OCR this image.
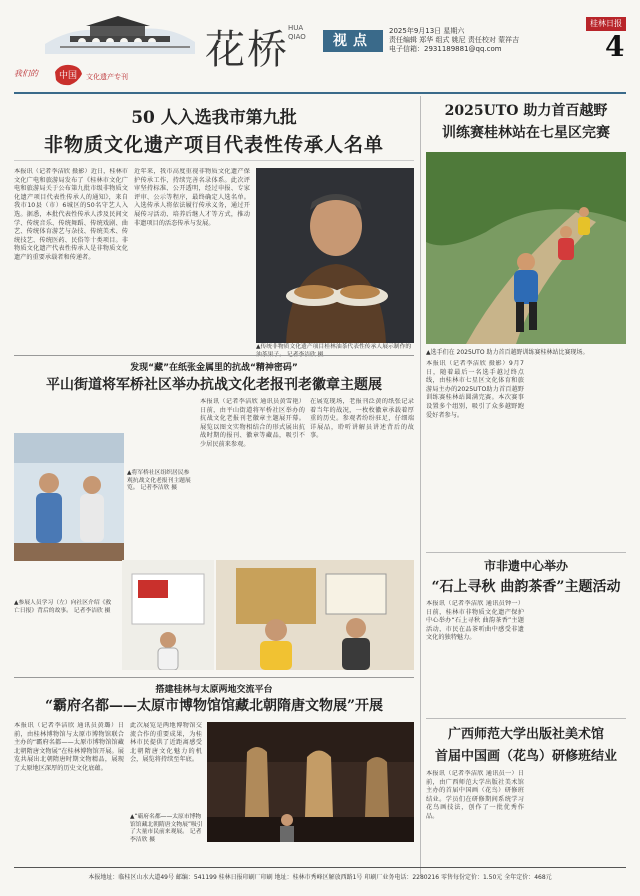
花桥 HUA QIAO	视点
2025年9月13日 星期六
责任编辑 郑华 组式 姚尼 责任校对 蒙祥吉
电子信箱：2931189881@qq.com
桂林日报
4
我们的	中国 文化遗产专刊
50 人入选我市第九批
非物质文化遗产项目代表性传承人名单
本报讯（记者李洁欣 摄影）近日，桂林市文化广电和旅游局发布了《桂林市文化广电和旅游局关于公布第九批市级非物质文化遗产项目代表性传承人的通知》，来自我市10县（市）6城区的50名守艺人入选。据悉，本批代表性传承人涉及民间文学、传统音乐、传统舞蹈、传统戏剧、曲艺、传统体育游艺与杂技、传统美术、传统技艺、传统医药、民俗等十类项目。非物质文化遗产代表性传承人是非物质文化遗产的重要承载者和传递者。
近年来，我市高度重视非物质文化遗产保护传承工作，持续完善名录体系。此次评审坚持标准、公开透明，经过申报、专家评审、公示等程序，最终确定人选名单。入选传承人将依法履行传承义务，通过开展传习活动、培养后继人才等方式，推动非遗项目的活态传承与发展。
▲传统非物质文化遗产项目桂林油茶代表性传承人展示制作的
2025UTO 助力首百越野
训练赛桂林站在七星区完赛
▲选手们在 2025UTO 助力首百越野训练赛桂林站比赛现场。
本报讯（记者李洁欣 摄影）9月7日，随着最后一名选手越过终点线，由桂林市七星区文化体育和旅游局主办的2025UTO助力首百越野训练赛桂林站圆满完赛。本次赛事设置多个组别，吸引了众多越野跑爱好者参与。
市非遗中心举办
“石上寻秋 曲韵茶香”主题活动
本报讯（记者李洁欣 通讯员钟一）日前，桂林市非物质文化遗产保护中心举办“石上寻秋 曲韵茶香”主题活动，市民在品茶听曲中感受非遗文化的独特魅力。
广西师范大学出版社美术馆
首届中国画（花鸟）研修班结业
本报讯（记者李洁欣 通讯员一）日前，由广西师范大学出版社美术馆主办的首届中国画（花鸟）研修班结业。学员们在研修期间系统学习花鸟画技法，创作了一批优秀作品。
发现“藏”在纸张金属里的抗战“精神密码”
平山街道将军桥社区举办抗战文化老报刊老徽章主题展
▲将军桥社区组织居民参观抗战文化老报刊主题展览。 记者李洁欣 摄
本报讯（记者李洁欣 通讯员黄雪艳）日前，由平山街道将军桥社区举办的抗战文化老报刊老徽章主题展开幕。展览以图文实物相结合的形式展出抗战时期的报刊、徽章等藏品，吸引不少居民前来参观。
在展览现场，老报刊泛黄的纸张记录着当年的战况，一枚枚徽章承载着厚重的历史。参观者纷纷驻足，仔细端详展品，聆听讲解员讲述背后的故事。
▲参展人员学习（左）向社区介绍《救亡日报》背后的故事。 记者李洁欣 摄
搭建桂林与太原两地交流平台
“霸府名都——太原市博物馆馆藏北朝隋唐文物展”开展
本报讯（记者李洁欣 通讯员黄璐）日前，由桂林博物馆与太原市博物馆联合主办的“霸府名都——太原市博物馆馆藏北朝隋唐文物展”在桂林博物馆开展。展览共展出北朝隋唐时期文物精品，展现了太原地区深厚的历史文化底蕴。
此次展览是两地博物馆交流合作的重要成果，为桂林市民提供了近距离感受北朝隋唐文化魅力的机会，展览将持续至年底。
▲“霸府名都——太原市博物馆馆藏北朝隋唐文物展”吸引了大量市民前来观展。 记者李洁欣 摄
本报地址：临桂区山水大道49号 邮编：541199 桂林日报印刷厂印刷 地址：桂林市秀峰区解放西路1号 印刷厂业务电话：2280216 零售每份定价：1.50元 全年定价：468元
